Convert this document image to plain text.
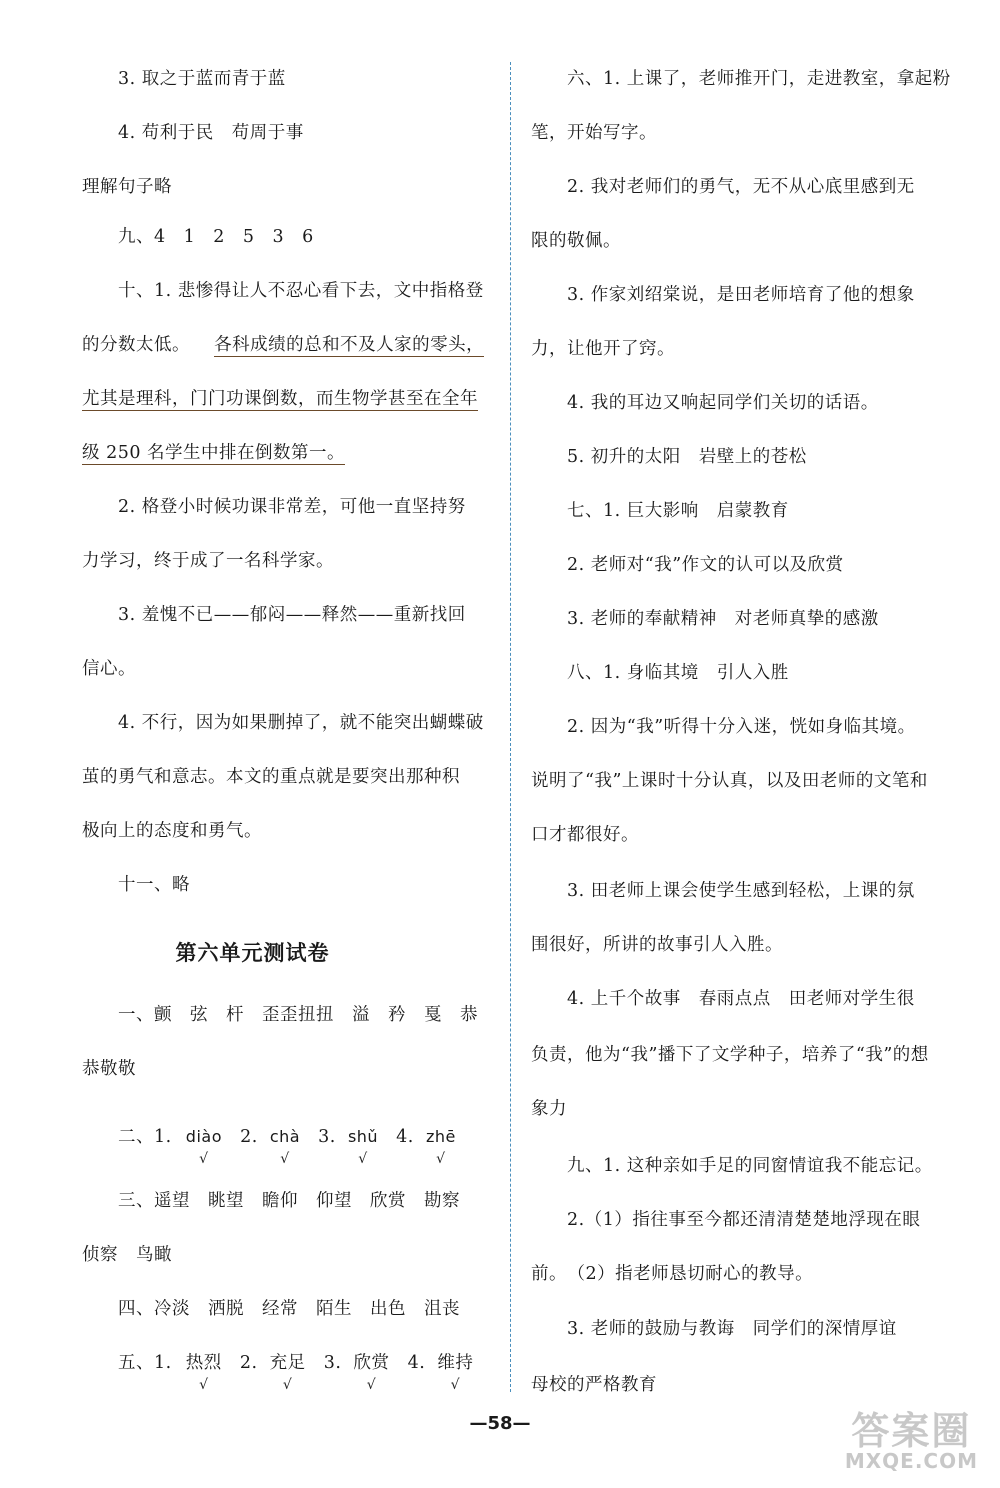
3. 取之于蓝而青于蓝
4. 苟利于民　苟周于事
理解句子略
九、4　1　2　5　3　6
十、1. 悲惨得让人不忍心看下去，文中指格登
的分数太低。 各科成绩的总和不及人家的零头，
尤其是理科，门门功课倒数，而生物学甚至在全年
级 250 名学生中排在倒数第一。
2. 格登小时候功课非常差，可他一直坚持努
力学习，终于成了一名科学家。
3. 羞愧不已——郁闷——释然——重新找回
信心。
4. 不行，因为如果删掉了，就不能突出蝴蝶破
茧的勇气和意志。本文的重点就是要突出那种积
极向上的态度和勇气。
十一、略
第六单元测试卷
一、颤　弦　杆　歪歪扭扭　溢　矜　戛　恭
恭敬敬
二、1. diào
√
2. chà
√
3. shǔ
√
4. zhē
√
三、遥望　眺望　瞻仰　仰望　欣赏　勘察
侦察　鸟瞰
四、冷淡　洒脱　经常　陌生　出色　沮丧
五、1. 热烈
√
2. 充足
√
3. 欣赏
√
4. 维持
√
六、1. 上课了，老师推开门，走进教室，拿起粉
笔，开始写字。
2. 我对老师们的勇气，无不从心底里感到无
限的敬佩。
3. 作家刘绍棠说，是田老师培育了他的想象
力，让他开了窍。
4. 我的耳边又响起同学们关切的话语。
5. 初升的太阳　岩壁上的苍松
七、1. 巨大影响　启蒙教育
2. 老师对“我”作文的认可以及欣赏
3. 老师的奉献精神　对老师真挚的感激
八、1. 身临其境　引人入胜
2. 因为“我”听得十分入迷，恍如身临其境。
说明了“我”上课时十分认真，以及田老师的文笔和
口才都很好。
3. 田老师上课会使学生感到轻松，上课的氛
围很好，所讲的故事引人入胜。
4. 上千个故事　春雨点点　田老师对学生很
负责，他为“我”播下了文学种子，培养了“我”的想
象力
九、1. 这种亲如手足的同窗情谊我不能忘记。
2.（1）指往事至今都还清清楚楚地浮现在眼
前。　（2）指老师恳切耐心的教导。
3. 老师的鼓励与教诲　同学们的深情厚谊
母校的严格教育
—58—	答案圈
MXQE.COM
